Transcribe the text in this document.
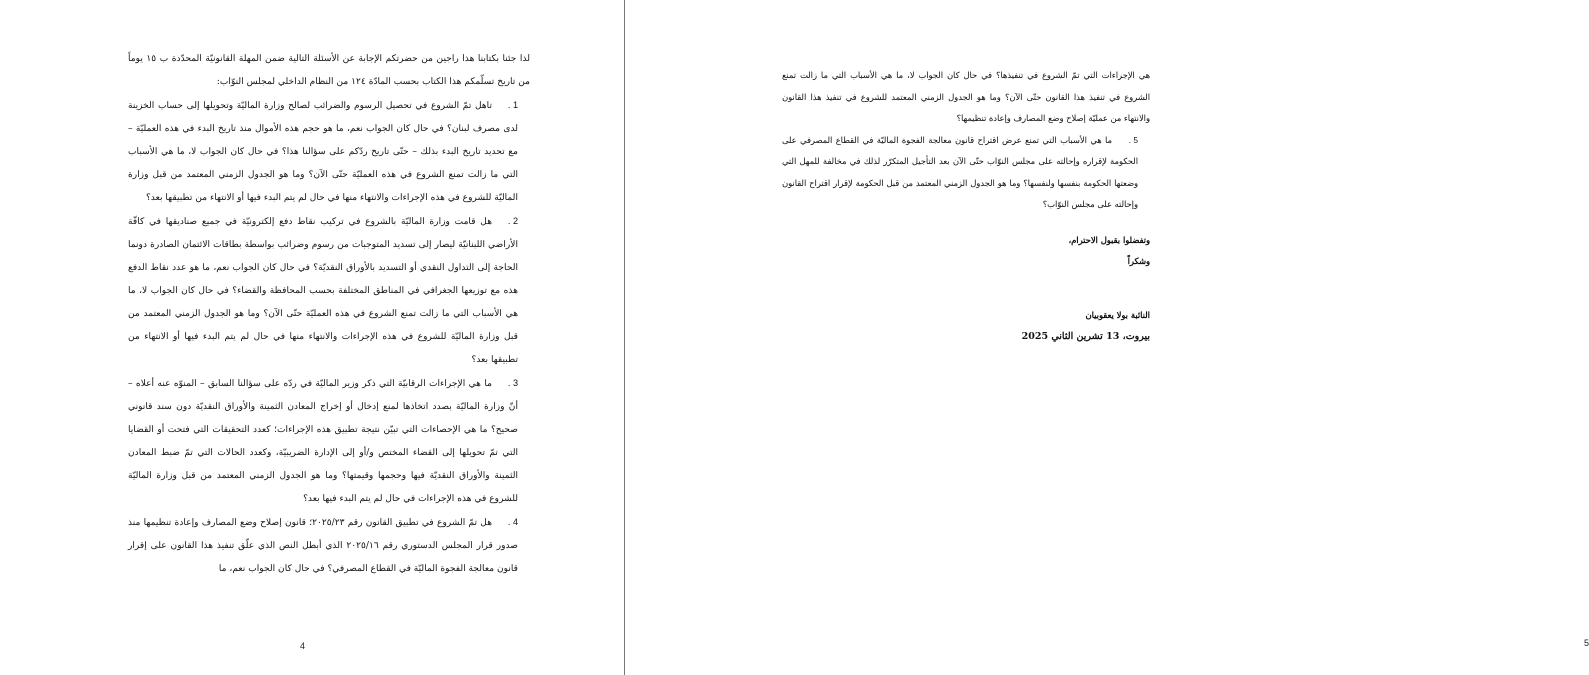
لذا جئنا بكتابنا هذا راجين من حضرتكم الإجابة عن الأسئلة التالية ضمن المهلة القانونيّة المحدّدة ب ١٥ يوماً من تاريخ تسلّمكم هذا الكتاب بحسب المادّة ١٢٤ من النظام الداخلي لمجلس النوّاب:

1 .تاهل تمّ الشروع في تحصيل الرسوم والضرائب لصالح وزارة الماليّة وتحويلها إلى حساب الخزينة لدى مصرف لبنان؟ في حال كان الجواب نعم، ما هو حجم هذه الأموال منذ تاريخ البدء في هذه العمليّة – مع تحديد تاريخ البدء بذلك – حتّى تاريخ ردّكم على سؤالنا هذا؟ في حال كان الجواب لا، ما هي الأسباب التي ما زالت تمنع الشروع في هذه العمليّة حتّى الآن؟ وما هو الجدول الزمني المعتمد من قبل وزارة الماليّة للشروع في هذه الإجراءات والانتهاء منها في حال لم يتم البدء فيها أو الانتهاء من تطبيقها بعد؟

2 .هل قامت وزارة الماليّة بالشروع في تركيب نقاط دفع إلكترونيّة في جميع صناديقها في كافّة الأراضي اللبنانيّة ليصار إلى تسديد المتوجبات من رسوم وضرائب بواسطة بطاقات الائتمان الصادرة دونما الحاجة إلى التداول النقدي أو التسديد بالأوراق النقديّة؟ في حال كان الجواب نعم، ما هو عدد نقاط الدفع هذه مع توزيعها الجغرافي في المناطق المختلفة بحسب المحافظة والقضاء؟ في حال كان الجواب لا، ما هي الأسباب التي ما زالت تمنع الشروع في هذه العمليّة حتّى الآن؟ وما هو الجدول الزمني المعتمد من قبل وزارة الماليّة للشروع في هذه الإجراءات والانتهاء منها في حال لم يتم البدء فيها أو الانتهاء من تطبيقها بعد؟

3 .ما هي الإجراءات الرقابيّة التي ذكر وزير الماليّة في ردّه على سؤالنا السابق – المنوّه عنه أعلاه – أنّ وزارة الماليّة بصدد اتخاذها لمنع إدخال أو إخراج المعادن الثمينة والأوراق النقديّة دون سند قانوني صحيح؟ ما هي الإحصاءات التي تبيّن نتيجة تطبيق هذه الإجراءات؛ كعدد التحقيقات التي فتحت أو القضايا التي تمّ تحويلها إلى القضاء المختص و/أو إلى الإدارة الضريبيّة، وكعدد الحالات التي تمّ ضبط المعادن الثمينة والأوراق النقديّة فيها وحجمها وقيمتها؟ وما هو الجدول الزمني المعتمد من قبل وزارة الماليّة للشروع في هذه الإجراءات في حال لم يتم البدء فيها بعد؟

4 .هل تمّ الشروع في تطبيق القانون رقم ٢٠٢٥/٢٣؛ قانون إصلاح وضع المصارف وإعادة تنظيمها منذ صدور قرار المجلس الدستوري رقم ٢٠٢٥/١٦ الذي أبطل النص الذي علّق تنفيذ هذا القانون على إقرار قانون معالجة الفجوة الماليّة في القطاع المصرفي؟ في حال كان الجواب نعم، ما

4

هي الإجراءات التي تمّ الشروع في تنفيذها؟ في حال كان الجواب لا، ما هي الأسباب التي ما زالت تمنع الشروع في تنفيذ هذا القانون حتّى الآن؟ وما هو الجدول الزمني المعتمد للشروع في تنفيذ هذا القانون والانتهاء من عمليّة إصلاح وضع المصارف وإعادة تنظيمها؟

5 .ما هي الأسباب التي تمنع عرض اقتراح قانون معالجة الفجوة الماليّة في القطاع المصرفي على الحكومة لإقراره وإحالته على مجلس النوّاب حتّى الآن بعد التأجيل المتكرّر لذلك في مخالفة للمهل التي وضعتها الحكومة بنفسها ولنفسها؟ وما هو الجدول الزمني المعتمد من قبل الحكومة لإقرار اقتراح القانون وإحالته على مجلس النوّاب؟

وتفضلوا بقبول الاحترام،

وشكراً

النائبة بولا يعقوبيان

بيروت، 13 تشرين الثاني 2025

5
